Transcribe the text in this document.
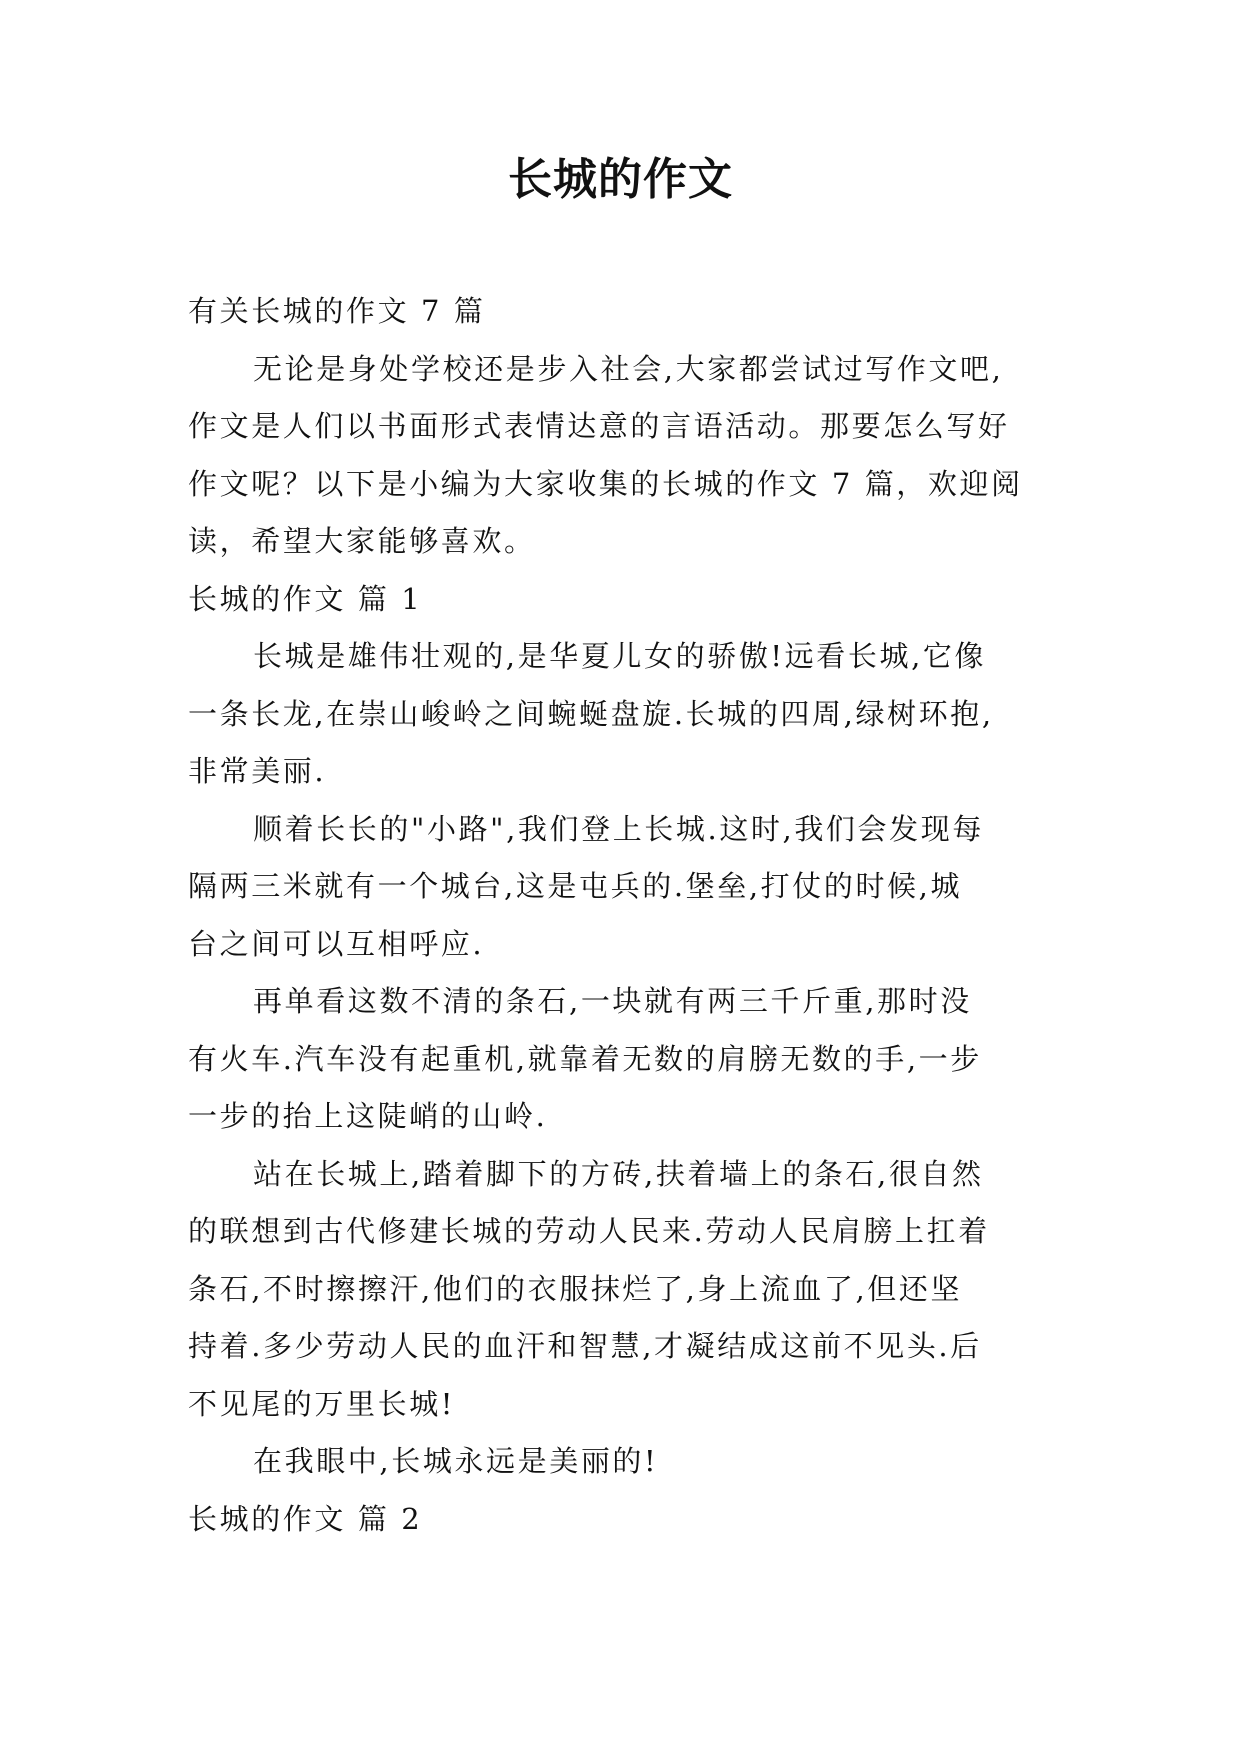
长城的作文
有关长城的作文 7 篇
无论是身处学校还是步入社会,大家都尝试过写作文吧,
作文是人们以书面形式表情达意的言语活动。那要怎么写好
作文呢？以下是小编为大家收集的长城的作文 7 篇，欢迎阅
读，希望大家能够喜欢。
长城的作文 篇 1
长城是雄伟壮观的,是华夏儿女的骄傲!远看长城,它像
一条长龙,在崇山峻岭之间蜿蜒盘旋.长城的四周,绿树环抱,
非常美丽.
顺着长长的"小路",我们登上长城.这时,我们会发现每
隔两三米就有一个城台,这是屯兵的.堡垒,打仗的时候,城
台之间可以互相呼应.
再单看这数不清的条石,一块就有两三千斤重,那时没
有火车.汽车没有起重机,就靠着无数的肩膀无数的手,一步
一步的抬上这陡峭的山岭.
站在长城上,踏着脚下的方砖,扶着墙上的条石,很自然
的联想到古代修建长城的劳动人民来.劳动人民肩膀上扛着
条石,不时擦擦汗,他们的衣服抹烂了,身上流血了,但还坚
持着.多少劳动人民的血汗和智慧,才凝结成这前不见头.后
不见尾的万里长城!
在我眼中,长城永远是美丽的!
长城的作文 篇 2
